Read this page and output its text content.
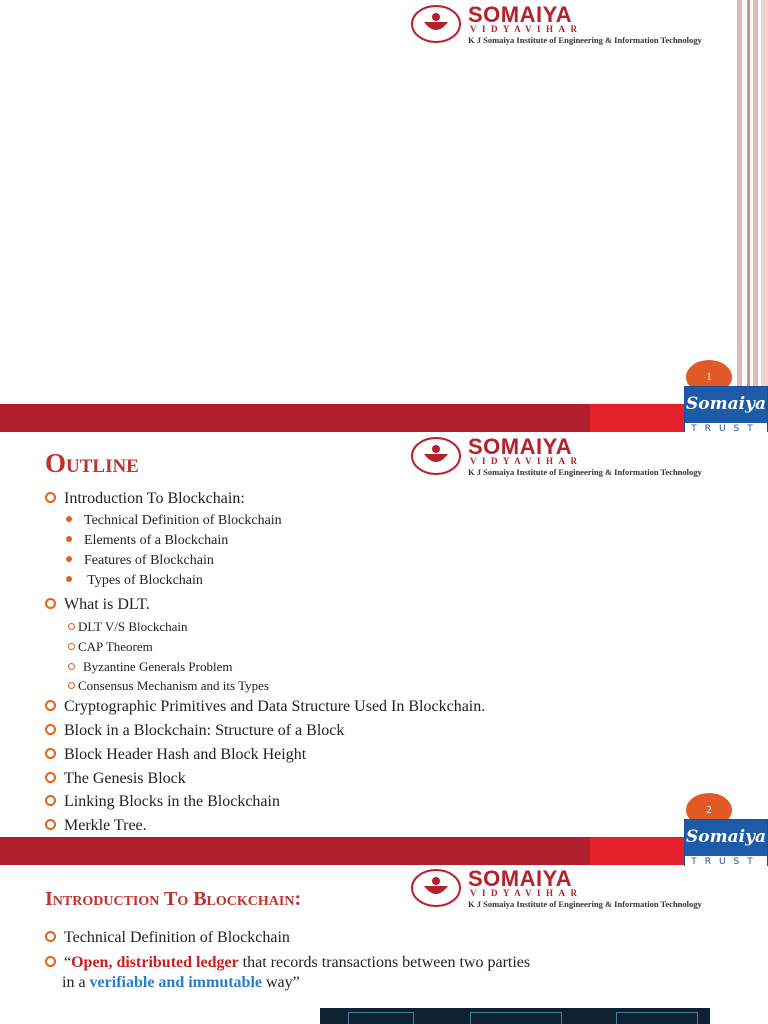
SOMAIYA
VIDYAVIHAR
K J Somaiya Institute of Engineering & Information Technology
1
Somaiya
TRUST
SOMAIYA
VIDYAVIHAR
K J Somaiya Institute of Engineering & Information Technology
Outline
Introduction To Blockchain:
Technical Definition of Blockchain
Elements of a Blockchain
Features of Blockchain
Types of Blockchain
What is DLT.
DLT V/S Blockchain
CAP Theorem
Byzantine Generals Problem
Consensus Mechanism and its Types
Cryptographic Primitives and Data Structure Used In Blockchain.
Block in a Blockchain: Structure of a Block
Block Header Hash and Block Height
The Genesis Block
Linking Blocks in the Blockchain
Merkle Tree.
2
Somaiya
TRUST
SOMAIYA
VIDYAVIHAR
K J Somaiya Institute of Engineering & Information Technology
Introduction To Blockchain:
Technical Definition of Blockchain
“Open, distributed ledger that records transactions between two parties
in a verifiable and immutable way”
